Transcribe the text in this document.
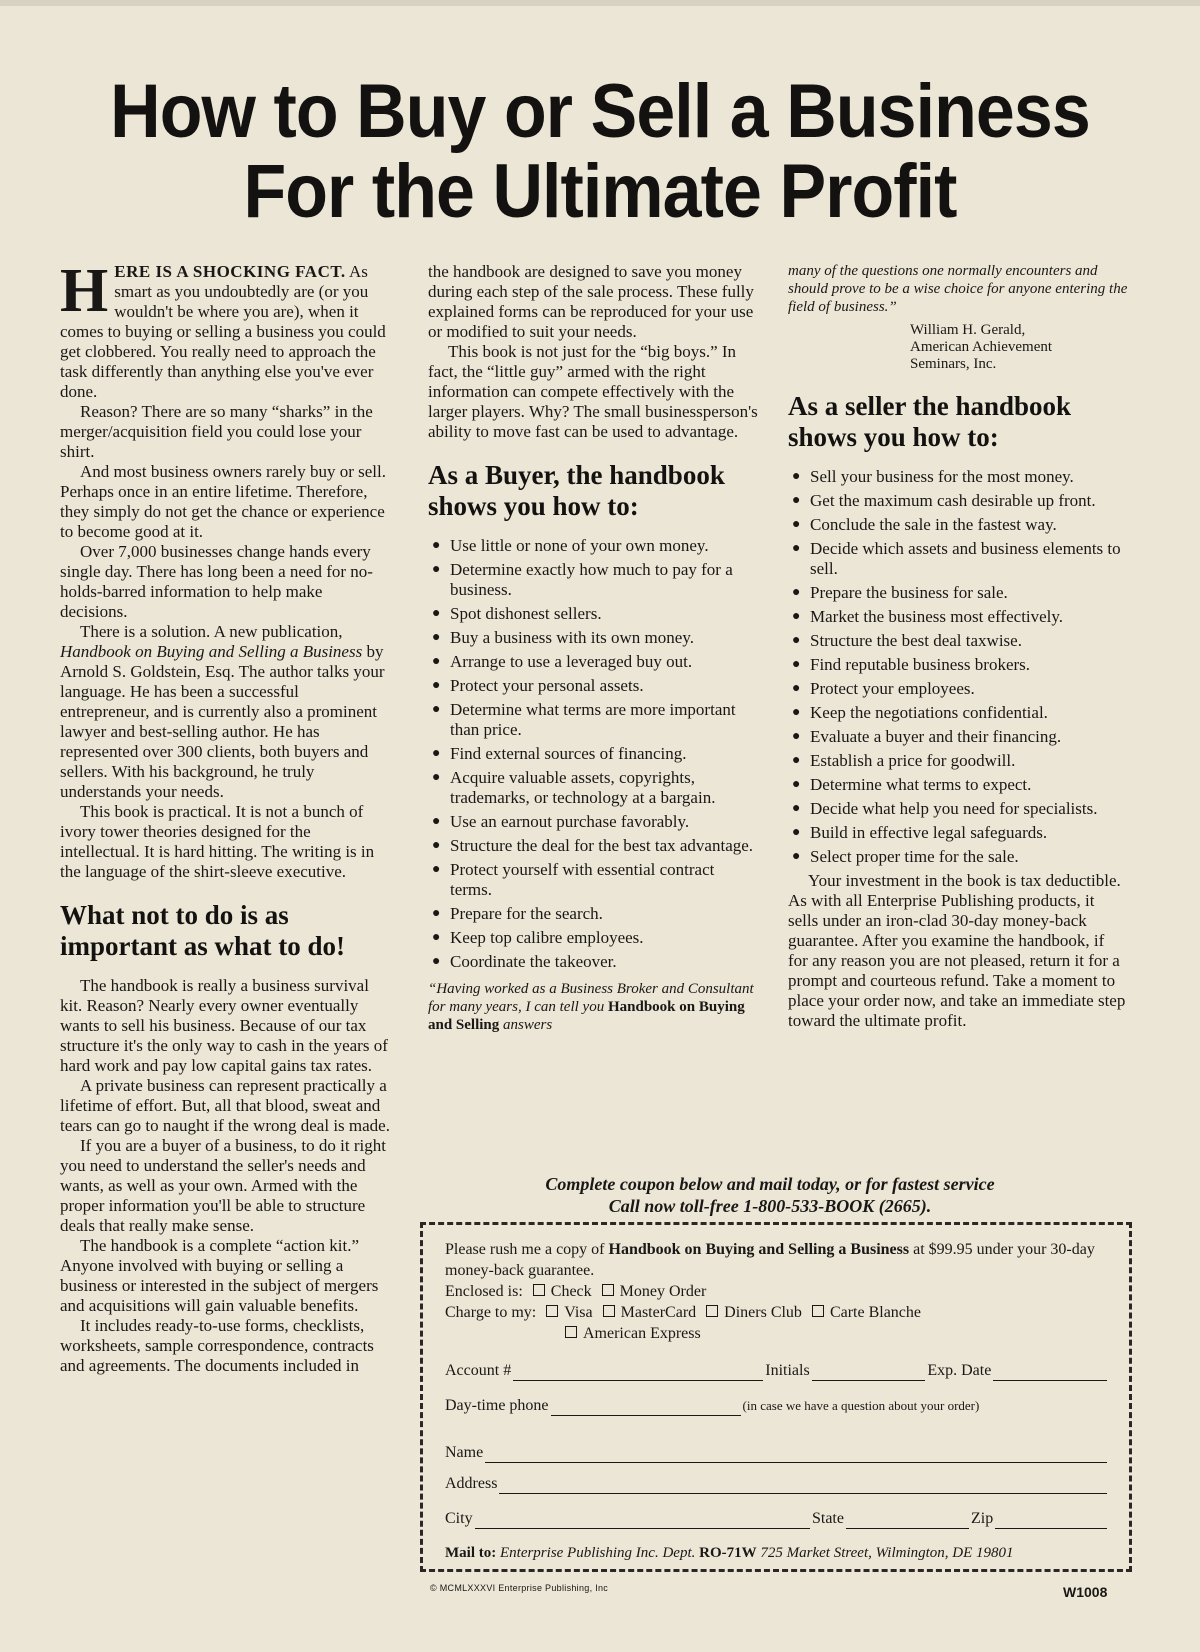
How to Buy or Sell a Business
For the Ultimate Profit

HERE IS A SHOCKING FACT. As smart as you undoubtedly are (or you wouldn't be where you are), when it comes to buying or selling a business you could get clobbered. You really need to approach the task differently than anything else you've ever done.

Reason? There are so many “sharks” in the merger/acquisition field you could lose your shirt.

And most business owners rarely buy or sell. Perhaps once in an entire lifetime. Therefore, they simply do not get the chance or experience to become good at it.

Over 7,000 businesses change hands every single day. There has long been a need for no-holds-barred information to help make decisions.

There is a solution. A new publication, Handbook on Buying and Selling a Business by Arnold S. Goldstein, Esq. The author talks your language. He has been a successful entrepreneur, and is currently also a prominent lawyer and best-selling author. He has represented over 300 clients, both buyers and sellers. With his background, he truly understands your needs.

This book is practical. It is not a bunch of ivory tower theories designed for the intellectual. It is hard hitting. The writing is in the language of the shirt-sleeve executive.

What not to do is as important as what to do!

The handbook is really a business survival kit. Reason? Nearly every owner eventually wants to sell his business. Because of our tax structure it's the only way to cash in the years of hard work and pay low capital gains tax rates.

A private business can represent practically a lifetime of effort. But, all that blood, sweat and tears can go to naught if the wrong deal is made.

If you are a buyer of a business, to do it right you need to understand the seller's needs and wants, as well as your own. Armed with the proper information you'll be able to structure deals that really make sense.

The handbook is a complete “action kit.” Anyone involved with buying or selling a business or interested in the subject of mergers and acquisitions will gain valuable benefits.

It includes ready-to-use forms, checklists, worksheets, sample correspondence, contracts and agreements. The documents included in

the handbook are designed to save you money during each step of the sale process. These fully explained forms can be reproduced for your use or modified to suit your needs.

This book is not just for the “big boys.” In fact, the “little guy” armed with the right information can compete effectively with the larger players. Why? The small businessperson's ability to move fast can be used to advantage.

As a Buyer, the handbook shows you how to:
● Use little or none of your own money.
● Determine exactly how much to pay for a business.
● Spot dishonest sellers.
● Buy a business with its own money.
● Arrange to use a leveraged buy out.
● Protect your personal assets.
● Determine what terms are more important than price.
● Find external sources of financing.
● Acquire valuable assets, copyrights, trademarks, or technology at a bargain.
● Use an earnout purchase favorably.
● Structure the deal for the best tax advantage.
● Protect yourself with essential contract terms.
● Prepare for the search.
● Keep top calibre employees.
● Coordinate the takeover.
“Having worked as a Business Broker and Consultant for many years, I can tell you Handbook on Buying and Selling answers
many of the questions one normally encounters and should prove to be a wise choice for anyone entering the field of business.”
William H. Gerald,
American Achievement
Seminars, Inc.
As a seller the handbook shows you how to:
● Sell your business for the most money.
● Get the maximum cash desirable up front.
● Conclude the sale in the fastest way.
● Decide which assets and business elements to sell.
● Prepare the business for sale.
● Market the business most effectively.
● Structure the best deal taxwise.
● Find reputable business brokers.
● Protect your employees.
● Keep the negotiations confidential.
● Evaluate a buyer and their financing.
● Establish a price for goodwill.
● Determine what terms to expect.
● Decide what help you need for specialists.
● Build in effective legal safeguards.
● Select proper time for the sale.

Your investment in the book is tax deductible. As with all Enterprise Publishing products, it sells under an iron-clad 30-day money-back guarantee. After you examine the handbook, if for any reason you are not pleased, return it for a prompt and courteous refund. Take a moment to place your order now, and take an immediate step toward the ultimate profit.

Complete coupon below and mail today, or for fastest service
Call now toll-free 1-800-533-BOOK (2665).
Please rush me a copy of Handbook on Buying and Selling a Business at $99.95 under your 30-day money-back guarantee.
Enclosed is: Check Money Order
Charge to my: Visa MasterCard Diners Club Carte Blanche
American Express
Account #	Initials	Exp. Date
Day-time phone	(in case we have a question about your order)
Name
Address
City	State	Zip
Mail to: Enterprise Publishing Inc. Dept. RO-71W 725 Market Street, Wilmington, DE 19801
© MCMLXXXVI Enterprise Publishing, Inc	W1008
